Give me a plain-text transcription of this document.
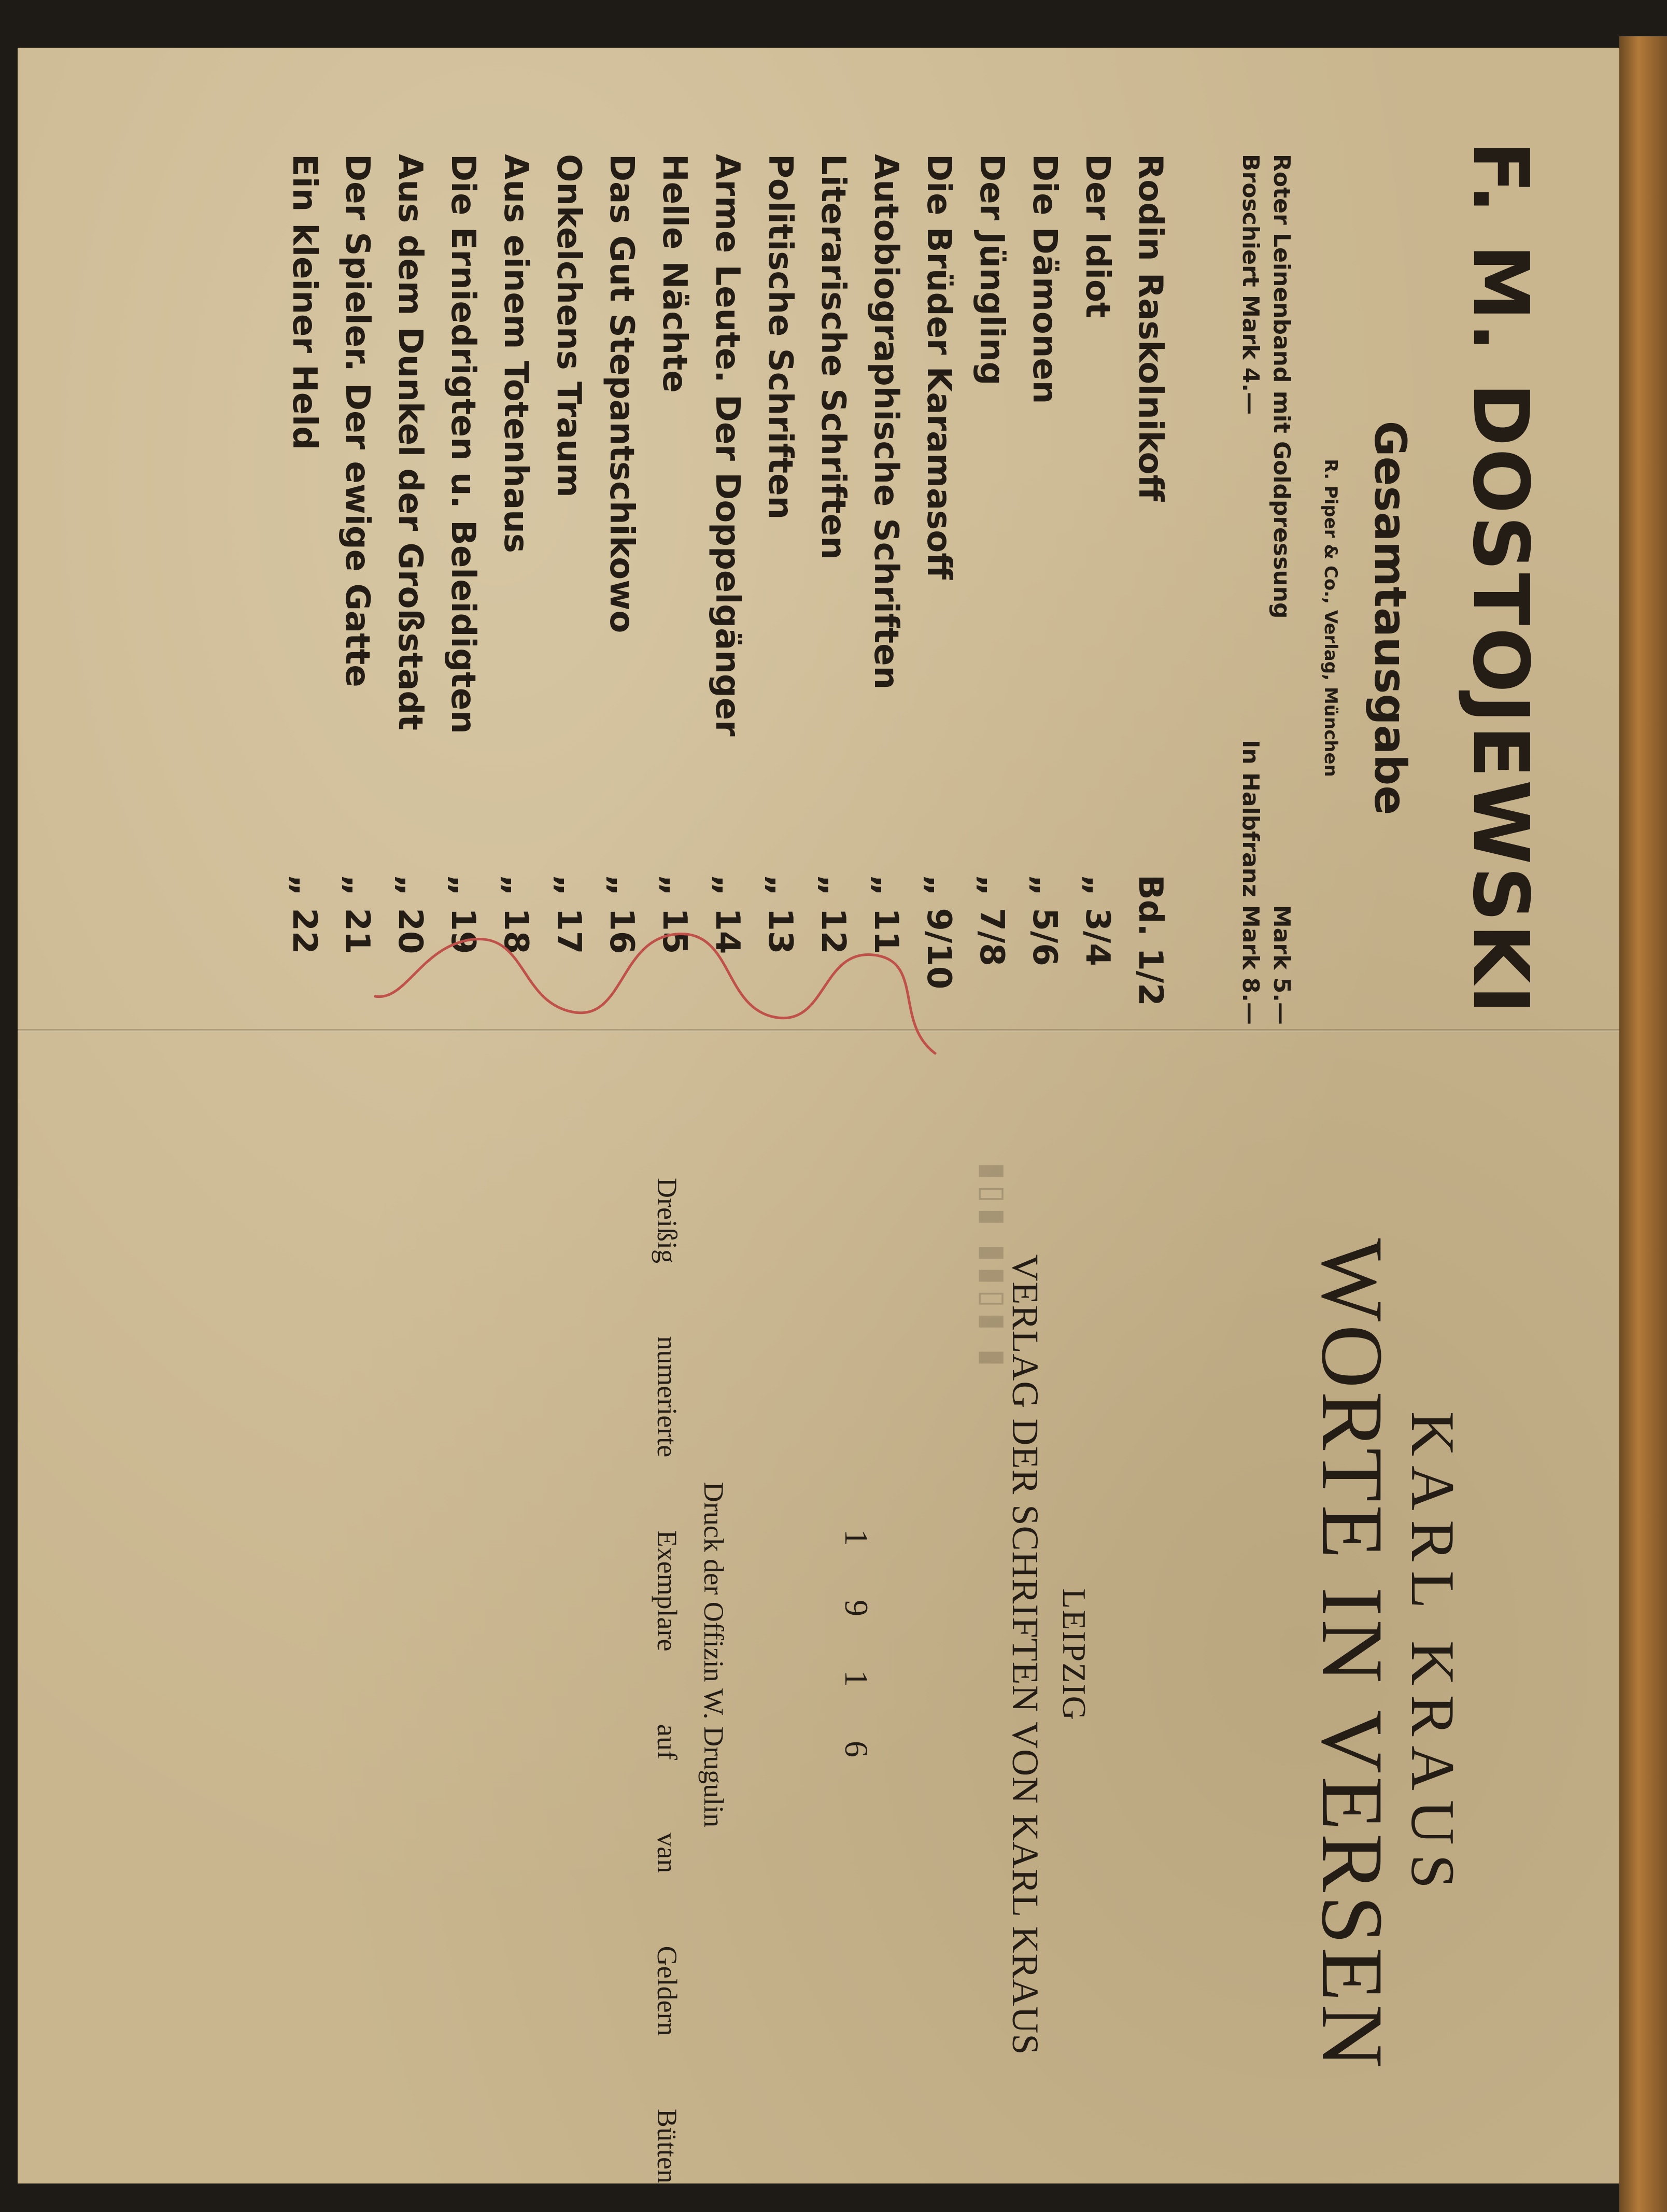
F. M. DOSTOJEWSKI
Gesamtausgabe
R. Piper & Co., Verlag, München
Roter Leinenband mit Goldpressung
Mark 5.—
Broschiert Mark 4.—
In Halbfranz Mark 8.—
Rodin Raskolnikoff
Bd. 1/2
Der Idiot
„ 3/4
Die Dämonen
„ 5/6
Der Jüngling
„ 7/8
Die Brüder Karamasoff
„ 9/10
Autobiographische Schriften
„ 11
Literarische Schriften
„ 12
Politische Schriften
„ 13
Arme Leute. Der Doppelgänger
„ 14
Helle Nächte
„ 15
Das Gut Stepantschikowo
„ 16
Onkelchens Traum
„ 17
Aus einem Totenhaus
„ 18
Die Erniedrigten u. Beleidigten
„ 19
Aus dem Dunkel der Großstadt
„ 20
Der Spieler. Der ewige Gatte
„ 21
Ein kleiner Held
„ 22
▮▯▮ ▮▮▯▮ ▮
KARL KRAUS
WORTE IN VERSEN
LEIPZIG
VERLAG DER SCHRIFTEN VON KARL KRAUS
1 9 1 6
Druck der Offizin W. Drugulin
Dreißig
numerierte
Exemplare
auf
van
Geldern
Bütten
